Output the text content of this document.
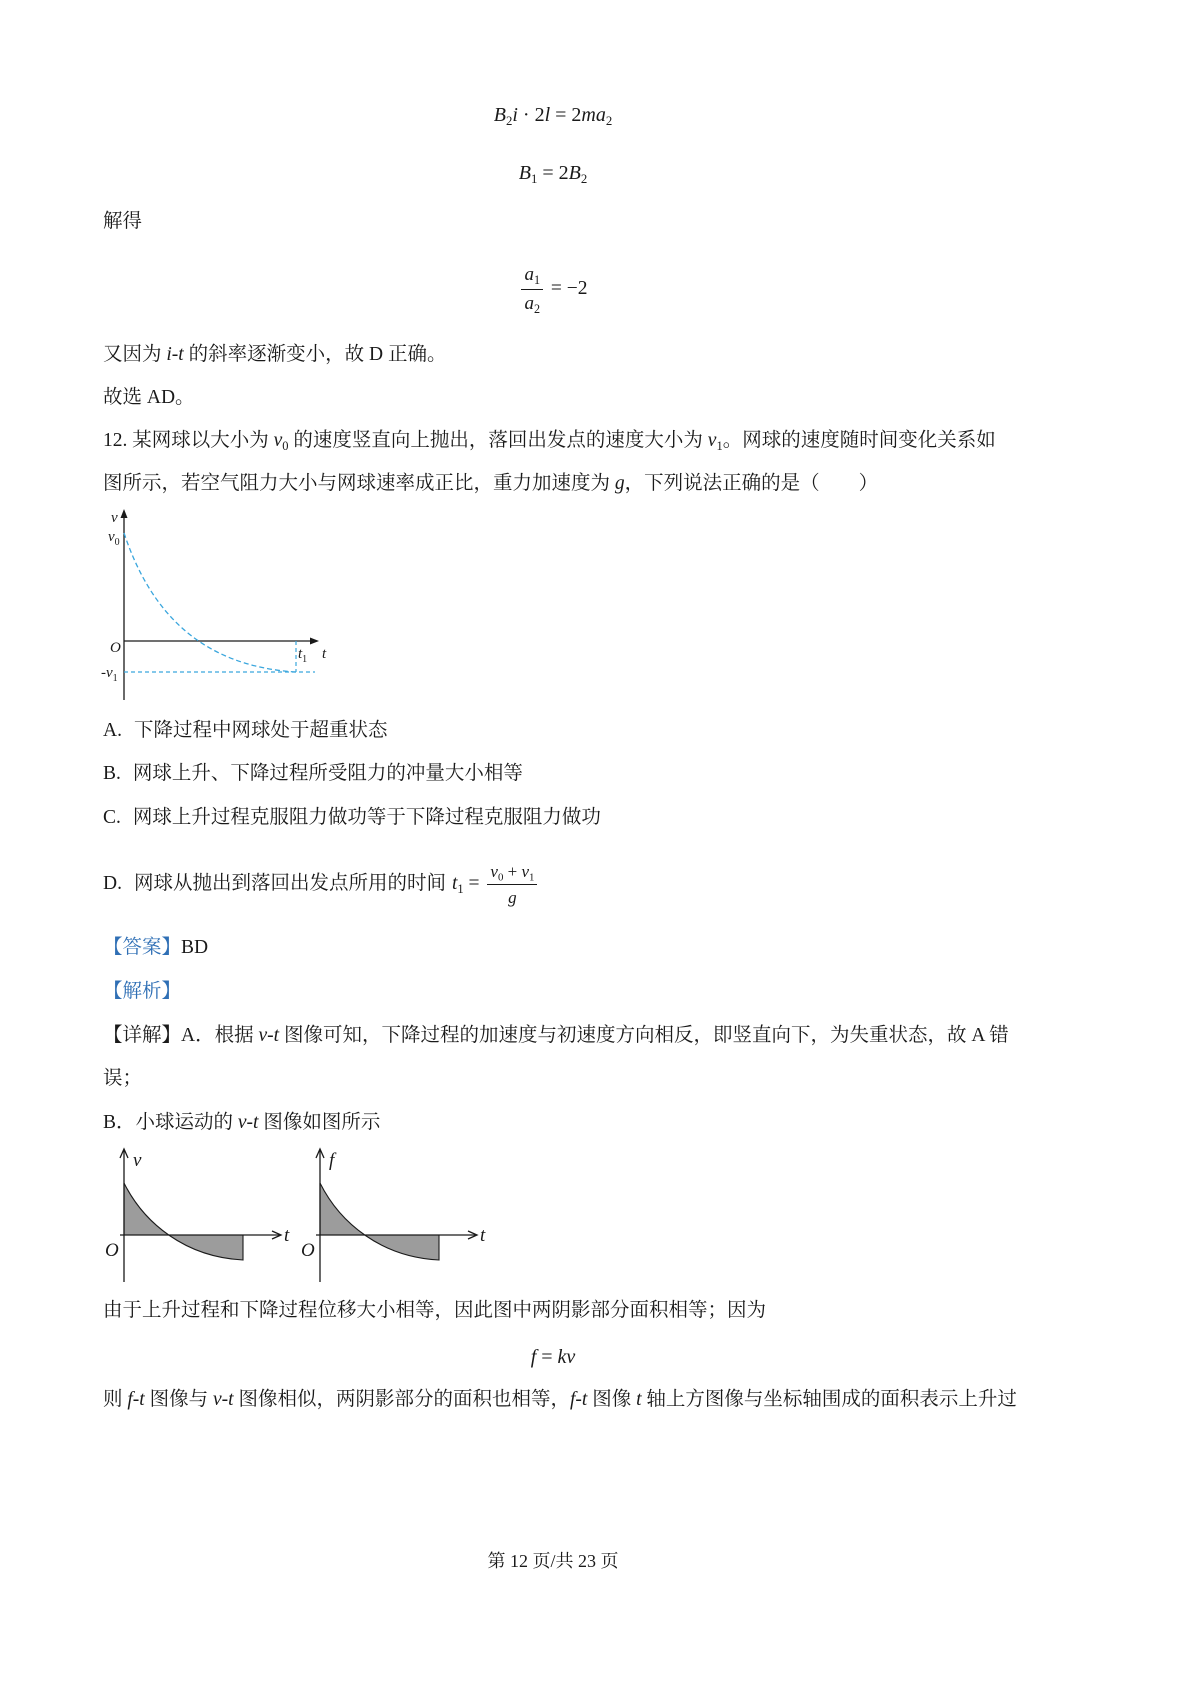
$B_2i \cdot 2l = 2ma_2$
$B_1 = 2B_2$
解得
$\frac{a_1}{a_2} = -2$
又因为 i-t 的斜率逐渐变小，故 D 正确。
故选 AD。
12. 某网球以大小为 $v_0$ 的速度竖直向上抛出，落回出发点的速度大小为 $v_1$。网球的速度随时间变化关系如
图所示，若空气阻力大小与网球速率成正比，重力加速度为 g，下列说法正确的是（　　）
v
$v_0$
O	$t_1$ t
$-v_1$
A. 下降过程中网球处于超重状态
B. 网球上升、下降过程所受阻力的冲量大小相等
C. 网球上升过程克服阻力做功等于下降过程克服阻力做功
D. 网球从抛出到落回出发点所用的时间 $t_1 = \frac{v_0 + v_1}{g}$
【答案】BD
【解析】
【详解】A．根据 v-t 图像可知，下降过程的加速度与初速度方向相反，即竖直向下，为失重状态，故 A 错
误；
B．小球运动的 v-t 图像如图所示
v
t
O
f
t
O
由于上升过程和下降过程位移大小相等，因此图中两阴影部分面积相等；因为
f = kv
则 f-t 图像与 v-t 图像相似，两阴影部分的面积也相等，f-t 图像 t 轴上方图像与坐标轴围成的面积表示上升过
第 12 页/共 23 页
